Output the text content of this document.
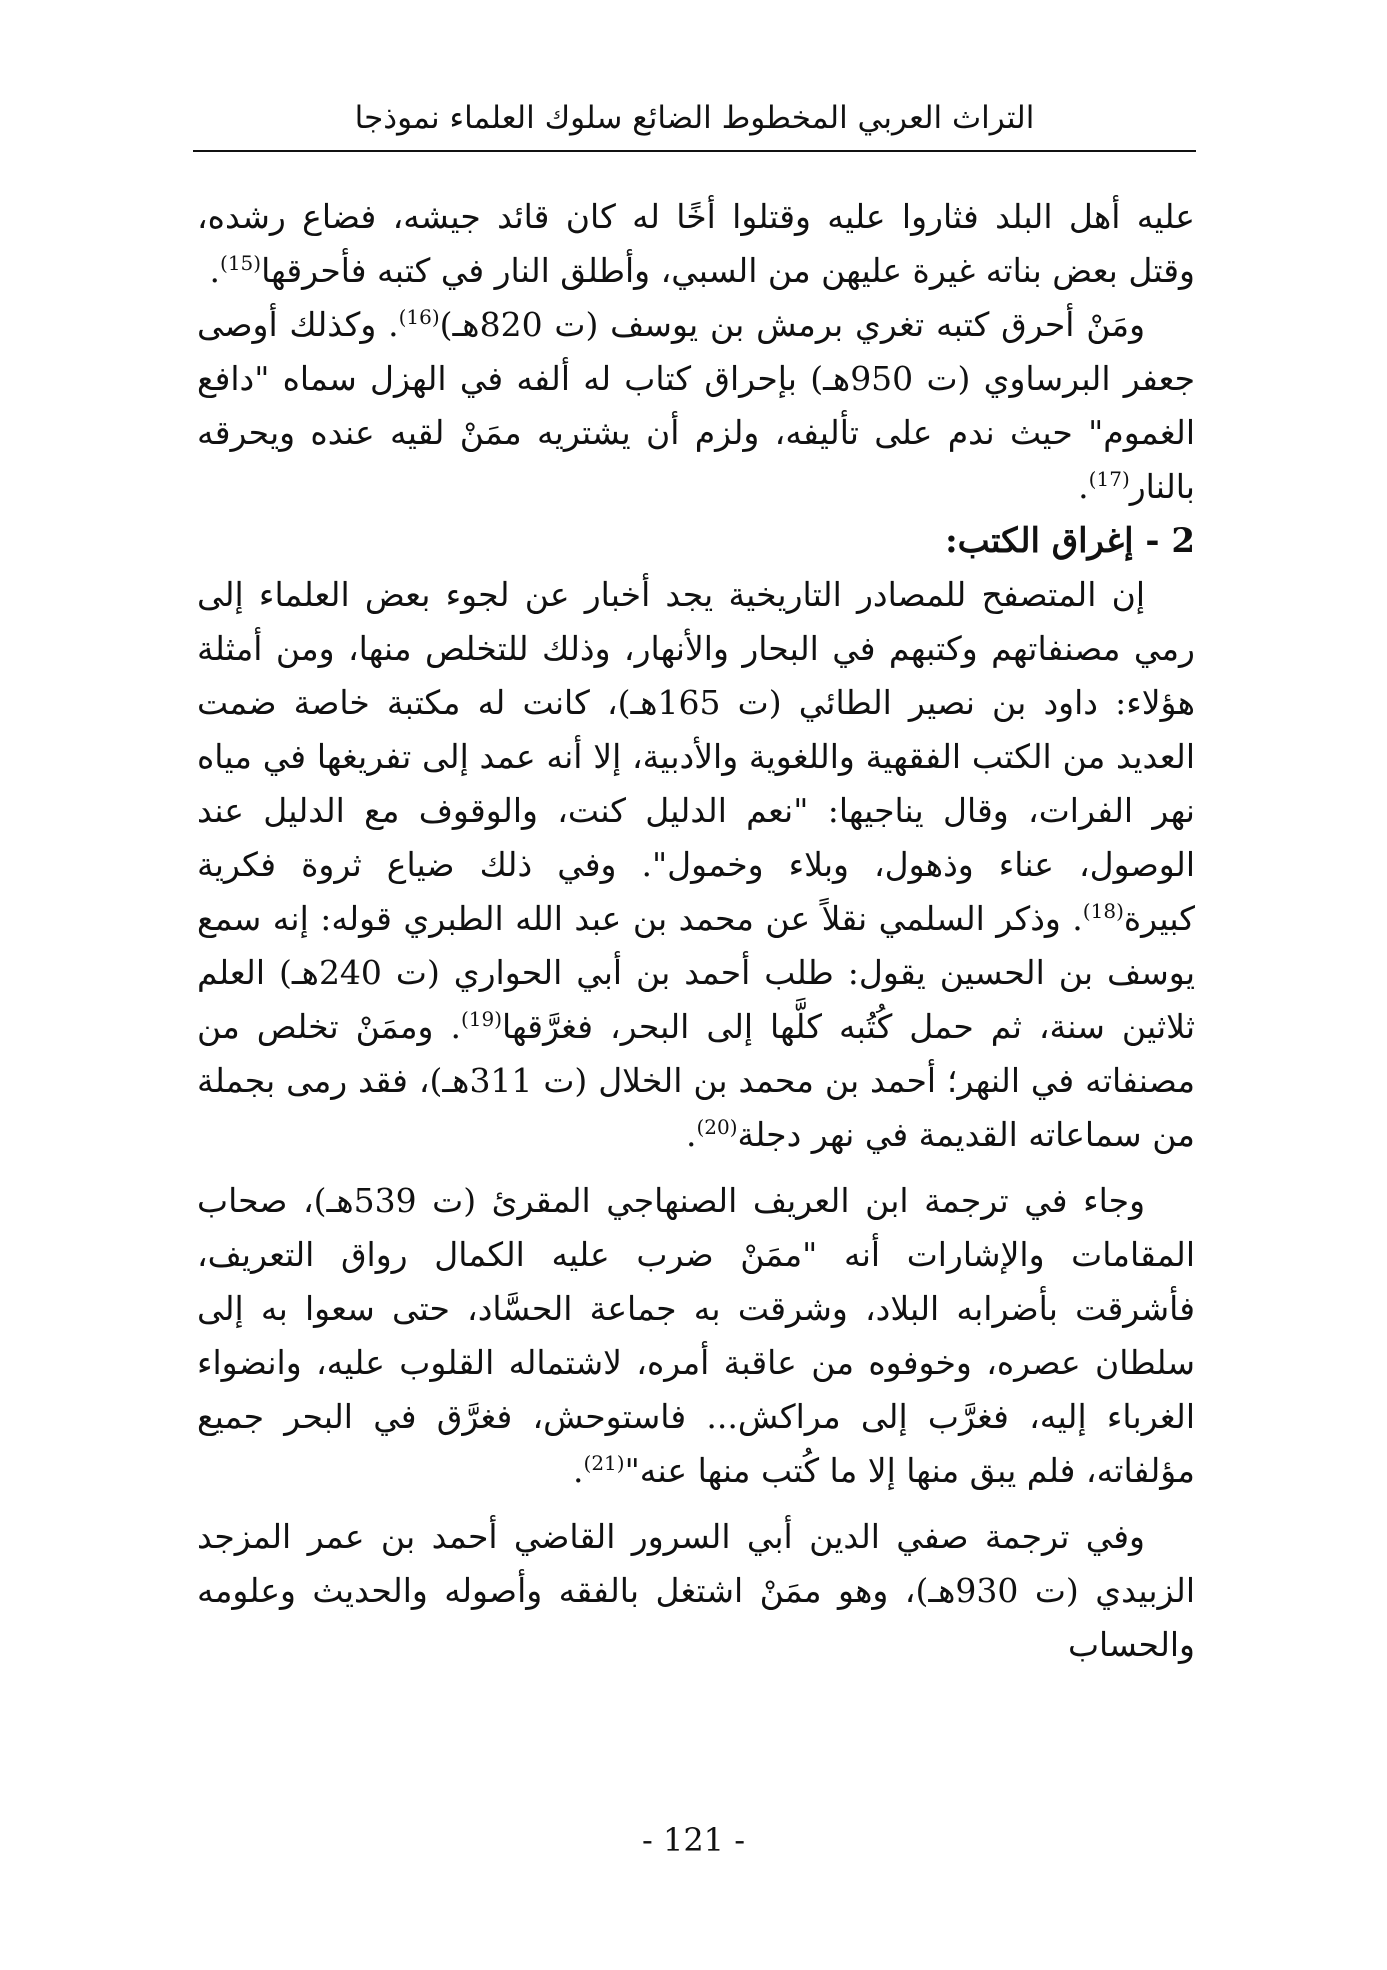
التراث العربي المخطوط الضائع سلوك العلماء نموذجا

عليه أهل البلد فثاروا عليه وقتلوا أخًا له كان قائد جيشه، فضاع رشده، وقتل بعض بناته غيرة عليهن من السبي، وأطلق النار في كتبه فأحرقها$^{(15)}$.

ومَنْ أحرق كتبه تغري برمش بن يوسف (ت 820هـ)$^{(16)}$. وكذلك أوصى جعفر البرساوي (ت 950هـ) بإحراق كتاب له ألفه في الهزل سماه "دافع الغموم" حيث ندم على تأليفه، ولزم أن يشتريه ممَنْ لقيه عنده ويحرقه بالنار$^{(17)}$.

2 - إغراق الكتب:

إن المتصفح للمصادر التاريخية يجد أخبار عن لجوء بعض العلماء إلى رمي مصنفاتهم وكتبهم في البحار والأنهار، وذلك للتخلص منها، ومن أمثلة هؤلاء: داود بن نصير الطائي (ت 165هـ)، كانت له مكتبة خاصة ضمت العديد من الكتب الفقهية واللغوية والأدبية، إلا أنه عمد إلى تفريغها في مياه نهر الفرات، وقال يناجيها: "نعم الدليل كنت، والوقوف مع الدليل عند الوصول، عناء وذهول، وبلاء وخمول". وفي ذلك ضياع ثروة فكرية كبيرة$^{(18)}$. وذكر السلمي نقلاً عن محمد بن عبد الله الطبري قوله: إنه سمع يوسف بن الحسين يقول: طلب أحمد بن أبي الحواري (ت 240هـ) العلم ثلاثين سنة، ثم حمل كُتُبه كلَّها إلى البحر، فغرَّقها$^{(19)}$. وممَنْ تخلص من مصنفاته في النهر؛ أحمد بن محمد بن الخلال (ت 311هـ)، فقد رمى بجملة من سماعاته القديمة في نهر دجلة$^{(20)}$.

وجاء في ترجمة ابن العريف الصنهاجي المقرئ (ت 539هـ)، صحاب المقامات والإشارات أنه "ممَنْ ضرب عليه الكمال رواق التعريف، فأشرقت بأضرابه البلاد، وشرقت به جماعة الحسَّاد، حتى سعوا به إلى سلطان عصره، وخوفوه من عاقبة أمره، لاشتماله القلوب عليه، وانضواء الغرباء إليه، فغرَّب إلى مراكش... فاستوحش، فغرَّق في البحر جميع مؤلفاته، فلم يبق منها إلا ما كُتب منها عنه"$^{(21)}$.

وفي ترجمة صفي الدين أبي السرور القاضي أحمد بن عمر المزجد الزبيدي (ت 930هـ)، وهو ممَنْ اشتغل بالفقه وأصوله والحديث وعلومه والحساب

- 121 -
